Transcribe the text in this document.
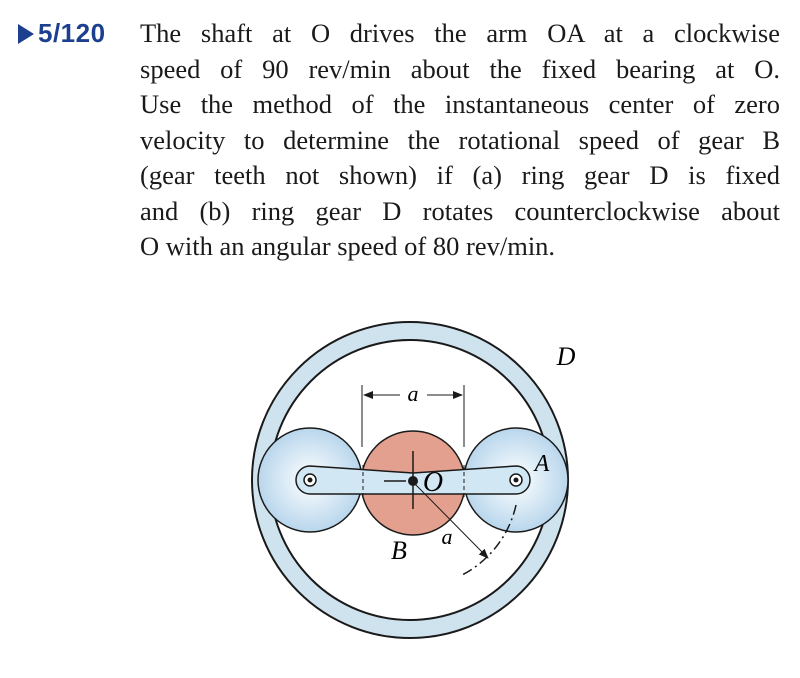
5/120 The shaft at O drives the arm OA at a clockwise
speed of 90 rev/min about the fixed bearing at O.
Use the method of the instantaneous center of zero
velocity to determine the rotational speed of gear B
(gear teeth not shown) if (a) ring gear D is fixed
and (b) ring gear D rotates counterclockwise about
O with an angular speed of 80 rev/min.
a
a
D
A
O
B
